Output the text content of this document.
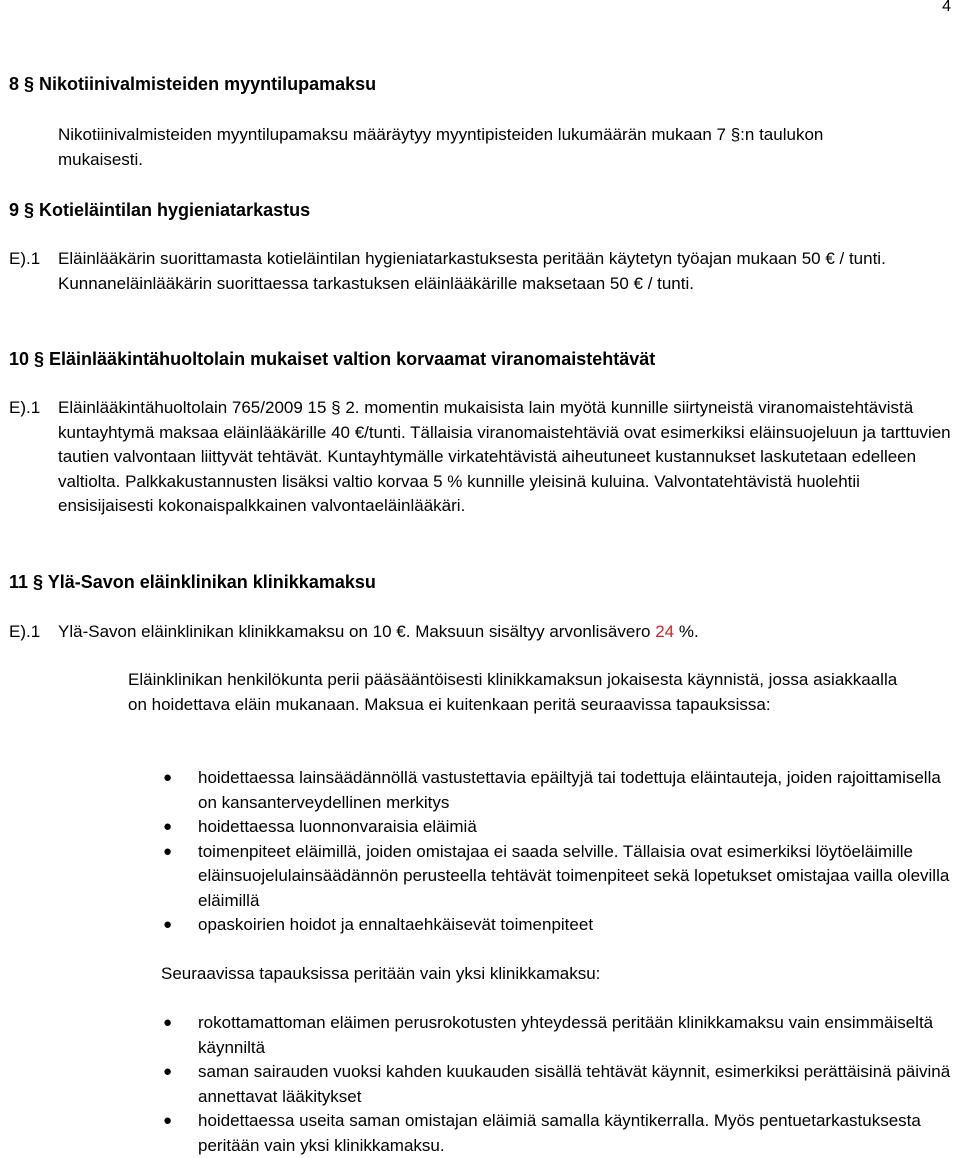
4
8 § Nikotiinivalmisteiden myyntilupamaksu
Nikotiinivalmisteiden myyntilupamaksu määräytyy myyntipisteiden lukumäärän mukaan 7 §:n taulukon mukaisesti.
9 § Kotieläintilan hygieniatarkastus
E).1	Eläinlääkärin suorittamasta kotieläintilan hygieniatarkastuksesta peritään käytetyn työajan mukaan 50 € / tunti. Kunnaneläinlääkärin suorittaessa tarkastuksen eläinlääkärille maksetaan 50 € / tunti.
10 § Eläinlääkintähuoltolain mukaiset valtion korvaamat viranomaistehtävät
E).1	Eläinlääkintähuoltolain 765/2009 15 § 2. momentin mukaisista lain myötä kunnille siirtyneistä viranomaistehtävistä kuntayhtymä maksaa eläinlääkärille 40 €/tunti. Tällaisia viranomaistehtäviä ovat esimerkiksi eläinsuojeluun ja tarttuvien tautien valvontaan liittyvät tehtävät. Kuntayhtymälle virkatehtävistä aiheutuneet kustannukset laskutetaan edelleen valtiolta. Palkkakustannusten lisäksi valtio korvaa 5 % kunnille yleisinä kuluina. Valvontatehtävistä huolehtii ensisijaisesti kokonaispalkkainen valvontaeläinlääkäri.
11 § Ylä-Savon eläinklinikan klinikkamaksu
E).1 Ylä-Savon eläinklinikan klinikkamaksu on 10 €. Maksuun sisältyy arvonlisävero 24 %.
Eläinklinikan henkilökunta perii pääsääntöisesti klinikkamaksun jokaisesta käynnistä, jossa asiakkaalla on hoidettava eläin mukanaan. Maksua ei kuitenkaan peritä seuraavissa tapauksissa:
● hoidettaessa lainsäädännöllä vastustettavia epäiltyjä tai todettuja eläintauteja, joiden rajoittamisella on kansanterveydellinen merkitys
● hoidettaessa luonnonvaraisia eläimiä
● toimenpiteet eläimillä, joiden omistajaa ei saada selville. Tällaisia ovat esimerkiksi löytöeläimille eläinsuojelulainsäädännön perusteella tehtävät toimenpiteet sekä lopetukset omistajaa vailla olevilla eläimillä
● opaskoirien hoidot ja ennaltaehkäisevät toimenpiteet
Seuraavissa tapauksissa peritään vain yksi klinikkamaksu:
● rokottamattoman eläimen perusrokotusten yhteydessä peritään klinikkamaksu vain ensimmäiseltä käynniltä
● saman sairauden vuoksi kahden kuukauden sisällä tehtävät käynnit, esimerkiksi perättäisinä päivinä annettavat lääkitykset
● hoidettaessa useita saman omistajan eläimiä samalla käyntikerralla. Myös pentuetarkastuksesta peritään vain yksi klinikkamaksu.
